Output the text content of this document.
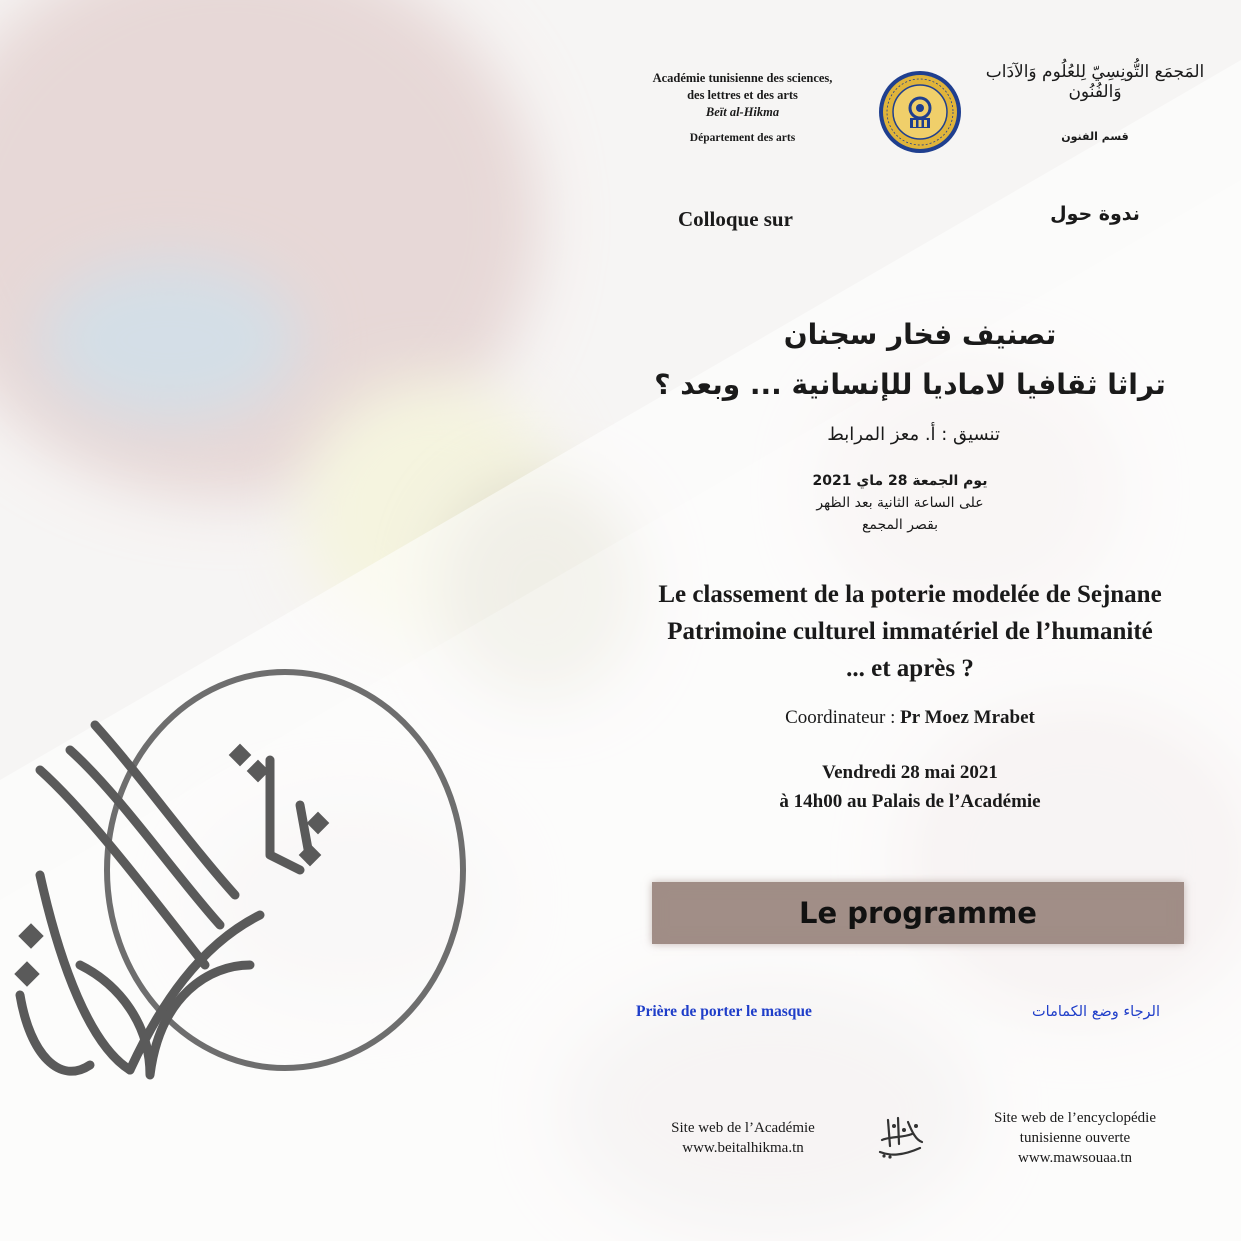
Académie tunisienne des sciences,
des lettres et des arts
Beït al-Hikma
Département des arts
المَجمَع التُّونِسِيّ لِلعُلُوم وَالآدَاب وَالفُنُون
قسم الفنون
Colloque sur	ندوة حول
تصنيف فخار سجنان
تراثا ثقافيا لاماديا للإنسانية ... وبعد ؟
تنسيق : أ. معز المرابط
يوم الجمعة 28 ماي 2021
على الساعة الثانية بعد الظهر
بقصر المجمع
Le classement de la poterie modelée de Sejnane
Patrimoine culturel immatériel de l’humanité
... et après ?
Coordinateur : Pr Moez Mrabet
Vendredi 28 mai 2021
à 14h00 au Palais de l’Académie
Le programme
Prière de porter le masque	الرجاء وضع الكمامات
Site web de l’Académie
www.beitalhikma.tn
Site web de l’encyclopédie
tunisienne ouverte
www.mawsouaa.tn
